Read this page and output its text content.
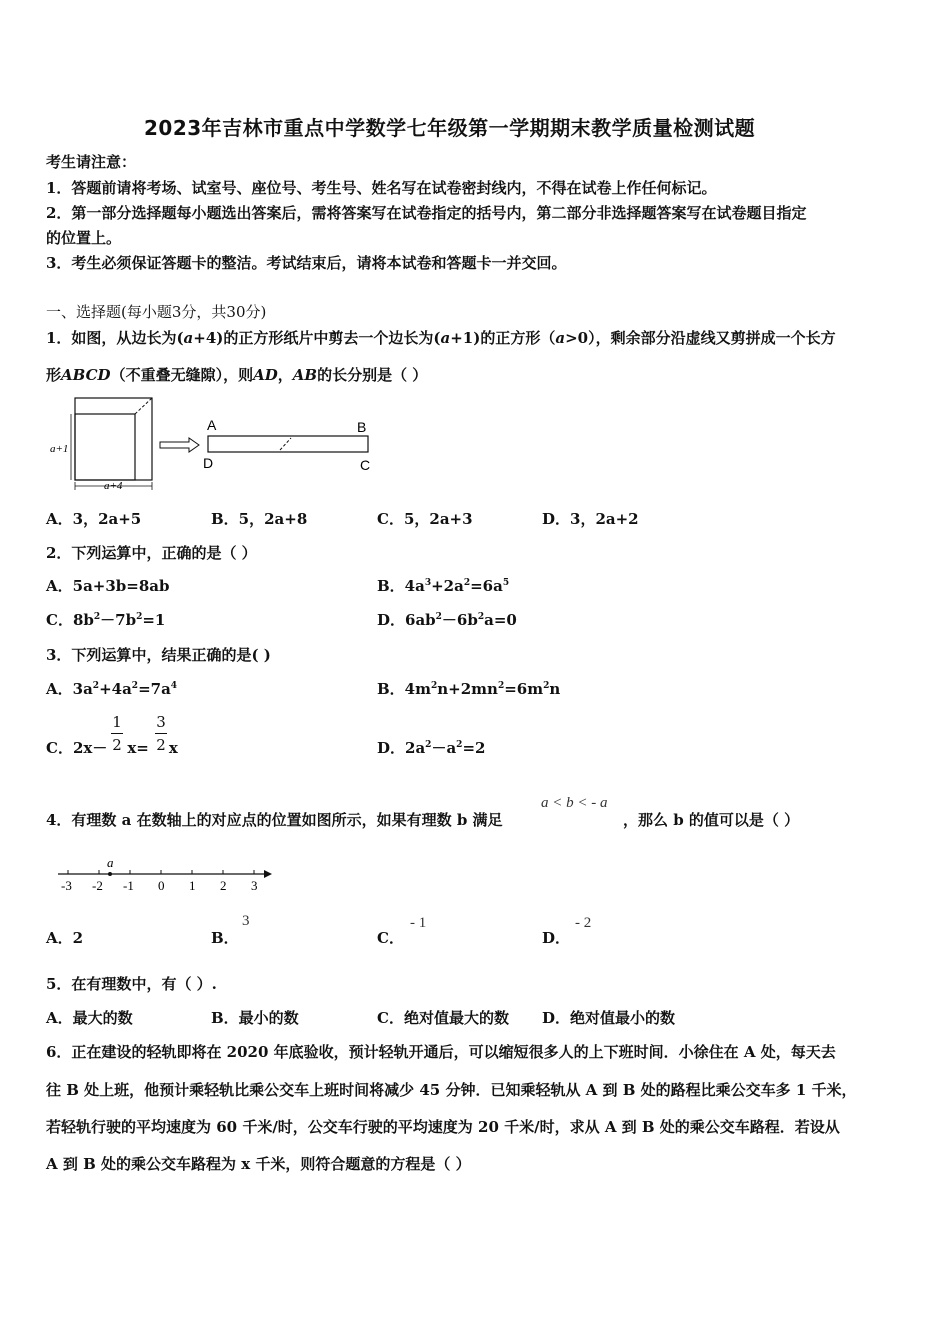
2023年吉林市重点中学数学七年级第一学期期末教学质量检测试题
考生请注意：
1．答题前请将考场、试室号、座位号、考生号、姓名写在试卷密封线内，不得在试卷上作任何标记。
2．第一部分选择题每小题选出答案后，需将答案写在试卷指定的括号内，第二部分非选择题答案写在试卷题目指定
的位置上。
3．考生必须保证答题卡的整洁。考试结束后，请将本试卷和答题卡一并交回。
一、选择题(每小题3分，共30分)
1．如图，从边长为(a+4)的正方形纸片中剪去一个边长为(a+1)的正方形（a>0），剩余部分沿虚线又剪拼成一个长方
形ABCD（不重叠无缝隙），则AD，AB的长分别是（ ）
a+1
a+4
A	B
D	C
A．3，2a+5	B．5，2a+8	C．5，2a+3	D．3，2a+2
2．下列运算中，正确的是（ ）
A．5a+3b=8ab	B．$4a^3+2a^2=6a^5$
C．$8b^2-7b^2=1$	D．$6ab^2-6b^2a=0$
3．下列运算中，结果正确的是( )
A．$3a^2+4a^2=7a^4$	B．$4m^2n+2mn^2=6m^2n$
C．2x－ x= x
1
2
3
2	D．$2a^2-a^2=2$
4．有理数 a 在数轴上的对应点的位置如图所示，如果有理数 b 满足
a < b < - a
，那么 b 的值可以是（ ）
-3 -2 -1 0 1 2 3
a
A．2	B．
3
C．
- 1
D．
- 2
5．在有理数中，有（ ）.
A．最大的数	B．最小的数	C．绝对值最大的数 D．绝对值最小的数
6．正在建设的轻轨即将在 2020 年底验收，预计轻轨开通后，可以缩短很多人的上下班时间．小徐住在 A 处，每天去
往 B 处上班，他预计乘轻轨比乘公交车上班时间将减少 45 分钟．已知乘轻轨从 A 到 B 处的路程比乘公交车多 1 千米，
若轻轨行驶的平均速度为 60 千米/时，公交车行驶的平均速度为 20 千米/时，求从 A 到 B 处的乘公交车路程．若设从
A 到 B 处的乘公交车路程为 x 千米，则符合题意的方程是（ ）
